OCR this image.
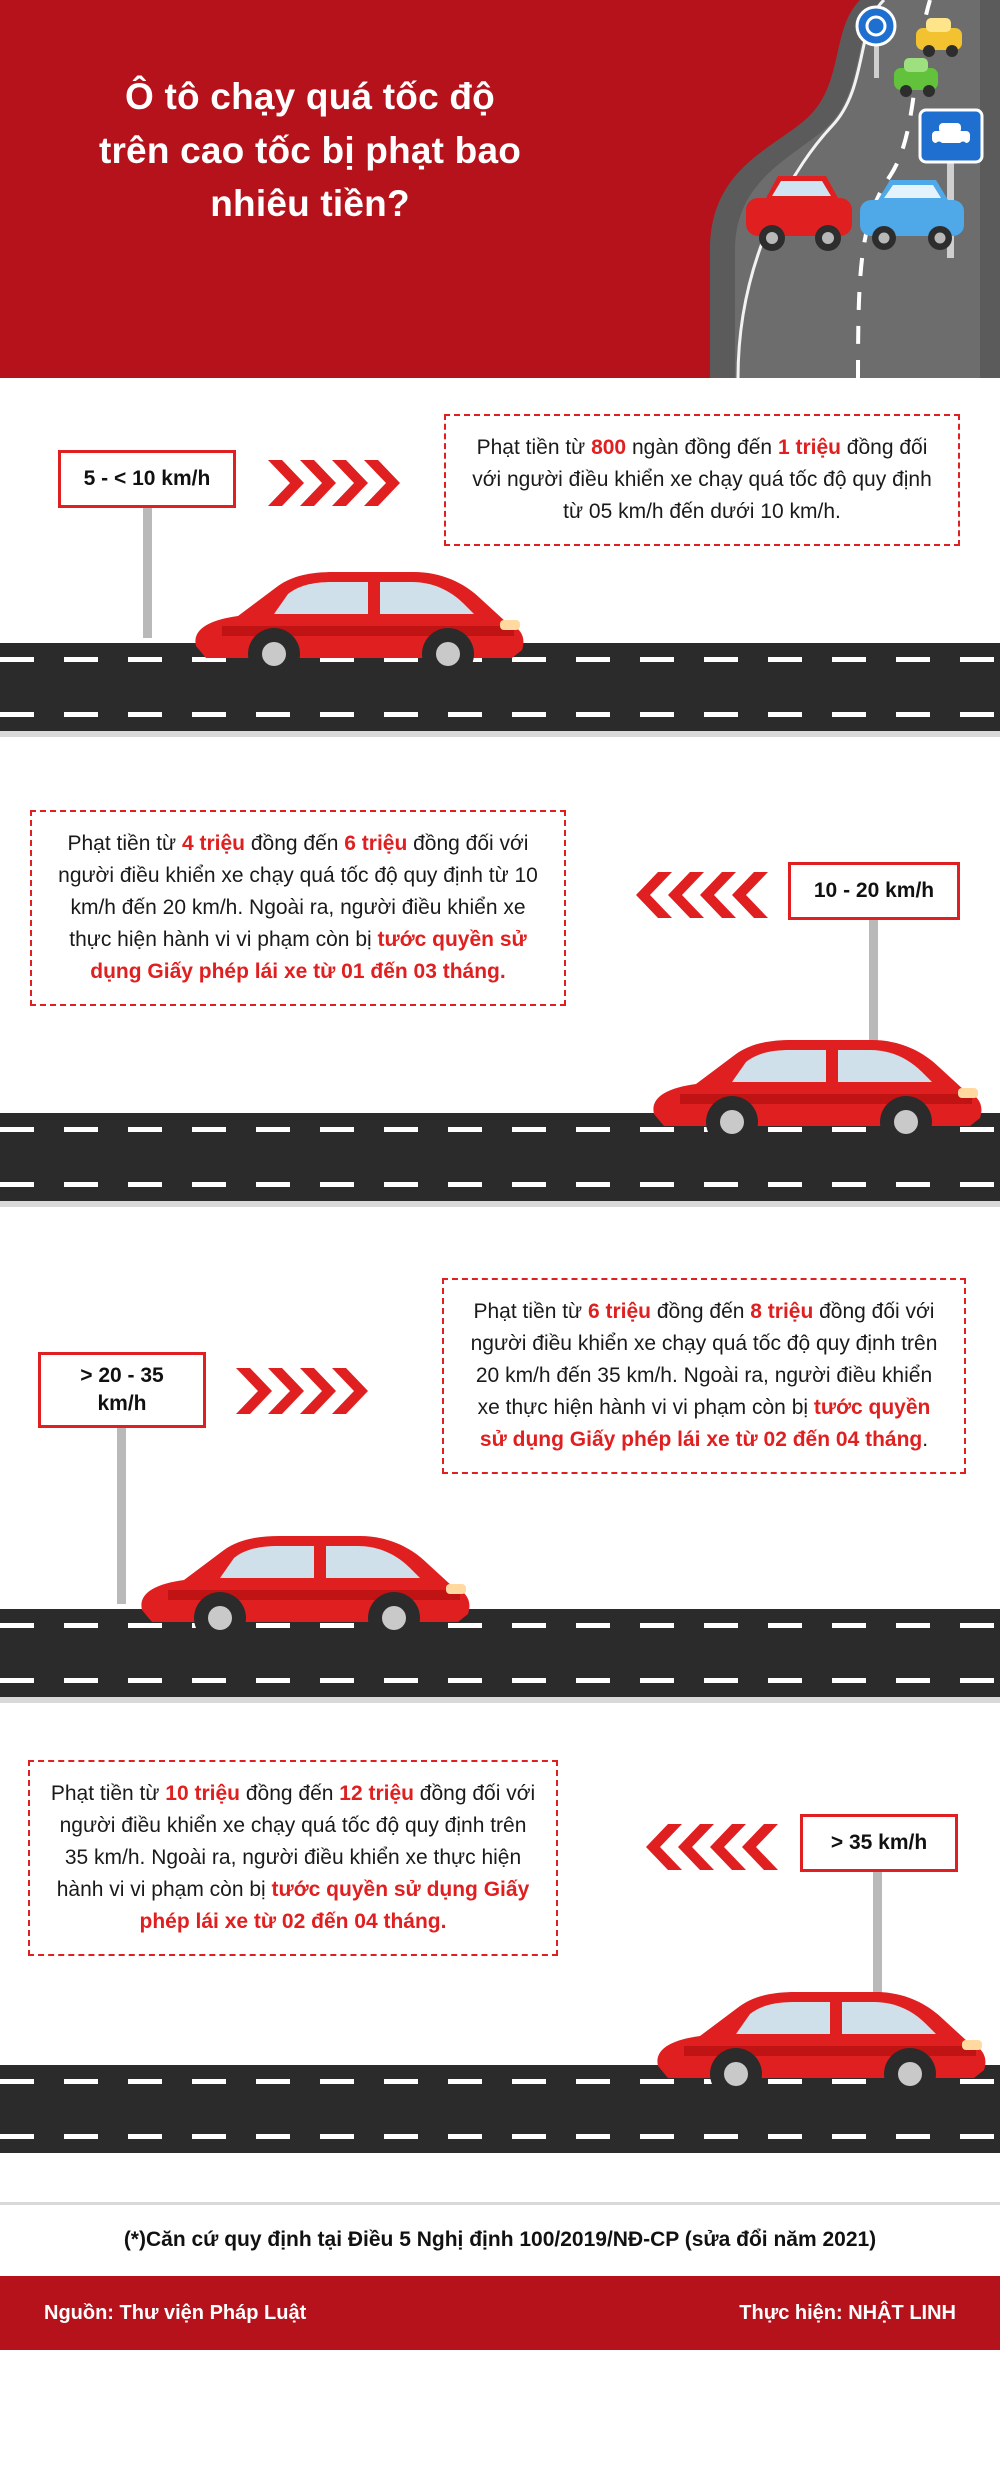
Ô tô chạy quá tốc độ
trên cao tốc bị phạt bao
nhiêu tiền?
Phạt tiền từ 800 ngàn đồng đến 1 triệu đồng đối với người điều khiển xe chạy quá tốc độ quy định từ 05 km/h đến dưới 10 km/h.
5 - < 10 km/h
Phạt tiền từ 4 triệu đồng đến 6 triệu đồng đối với người điều khiển xe chạy quá tốc độ quy định từ 10 km/h đến 20 km/h. Ngoài ra, người điều khiển xe thực hiện hành vi vi phạm còn bị tước quyền sử dụng Giấy phép lái xe từ 01 đến 03 tháng.
10 - 20 km/h
Phạt tiền từ 6 triệu đồng đến 8 triệu đồng đối với người điều khiển xe chạy quá tốc độ quy định trên 20 km/h đến 35 km/h. Ngoài ra, người điều khiển xe thực hiện hành vi vi phạm còn bị tước quyền sử dụng Giấy phép lái xe từ 02 đến 04 tháng.
> 20 - 35 km/h
Phạt tiền từ 10 triệu đồng đến 12 triệu đồng đối với người điều khiển xe chạy quá tốc độ quy định trên 35 km/h. Ngoài ra, người điều khiển xe thực hiện hành vi vi phạm còn bị tước quyền sử dụng Giấy phép lái xe từ 02 đến 04 tháng.
> 35 km/h
(*)Căn cứ quy định tại Điều 5 Nghị định 100/2019/NĐ-CP (sửa đổi năm 2021)
Nguồn: Thư viện Pháp Luật	Thực hiện: NHẬT LINH
